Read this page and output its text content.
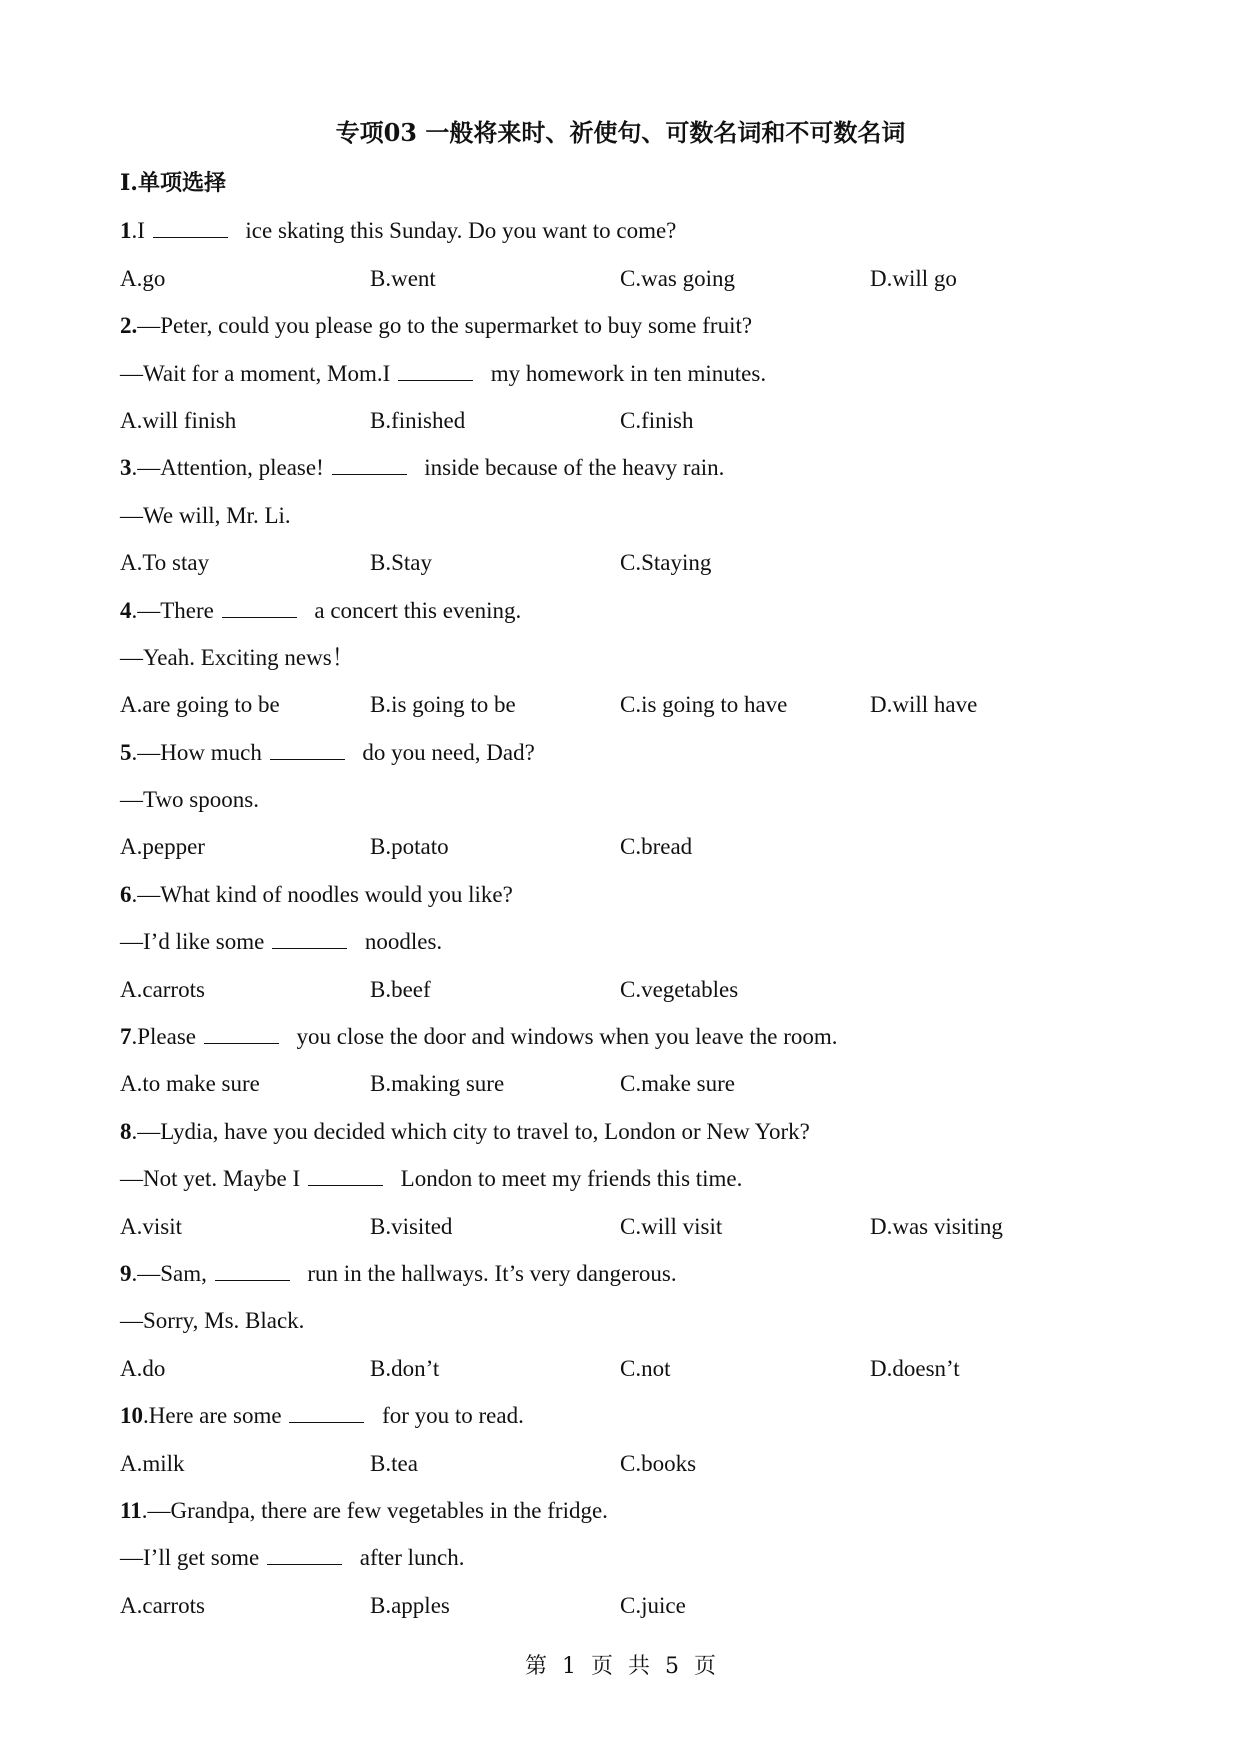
专项03 一般将来时、祈使句、可数名词和不可数名词
I.单项选择
1.I	ice skating this Sunday. Do you want to come?
A.go	B.went	C.was going	D.will go
2.—Peter, could you please go to the supermarket to buy some fruit?
—Wait for a moment, Mom.I	my homework in ten minutes.
A.will finish	B.finished	C.finish
3.—Attention, please!	inside because of the heavy rain.
—We will, Mr. Li.
A.To stay	B.Stay	C.Staying
4.—There	a concert this evening.
—Yeah. Exciting news！
A.are going to be	B.is going to be	C.is going to have	D.will have
5.—How much	do you need, Dad?
—Two spoons.
A.pepper	B.potato	C.bread
6.—What kind of noodles would you like?
—I’d like some	noodles.
A.carrots	B.beef	C.vegetables
7.Please	you close the door and windows when you leave the room.
A.to make sure	B.making sure	C.make sure
8.—Lydia, have you decided which city to travel to, London or New York?
—Not yet. Maybe I	London to meet my friends this time.
A.visit	B.visited	C.will visit	D.was visiting
9.—Sam,	run in the hallways. It’s very dangerous.
—Sorry, Ms. Black.
A.do	B.don’t	C.not	D.doesn’t
10.Here are some	for you to read.
A.milk	B.tea	C.books
11.—Grandpa, there are few vegetables in the fridge.
—I’ll get some	after lunch.
A.carrots	B.apples	C.juice
第 1 页 共 5 页
